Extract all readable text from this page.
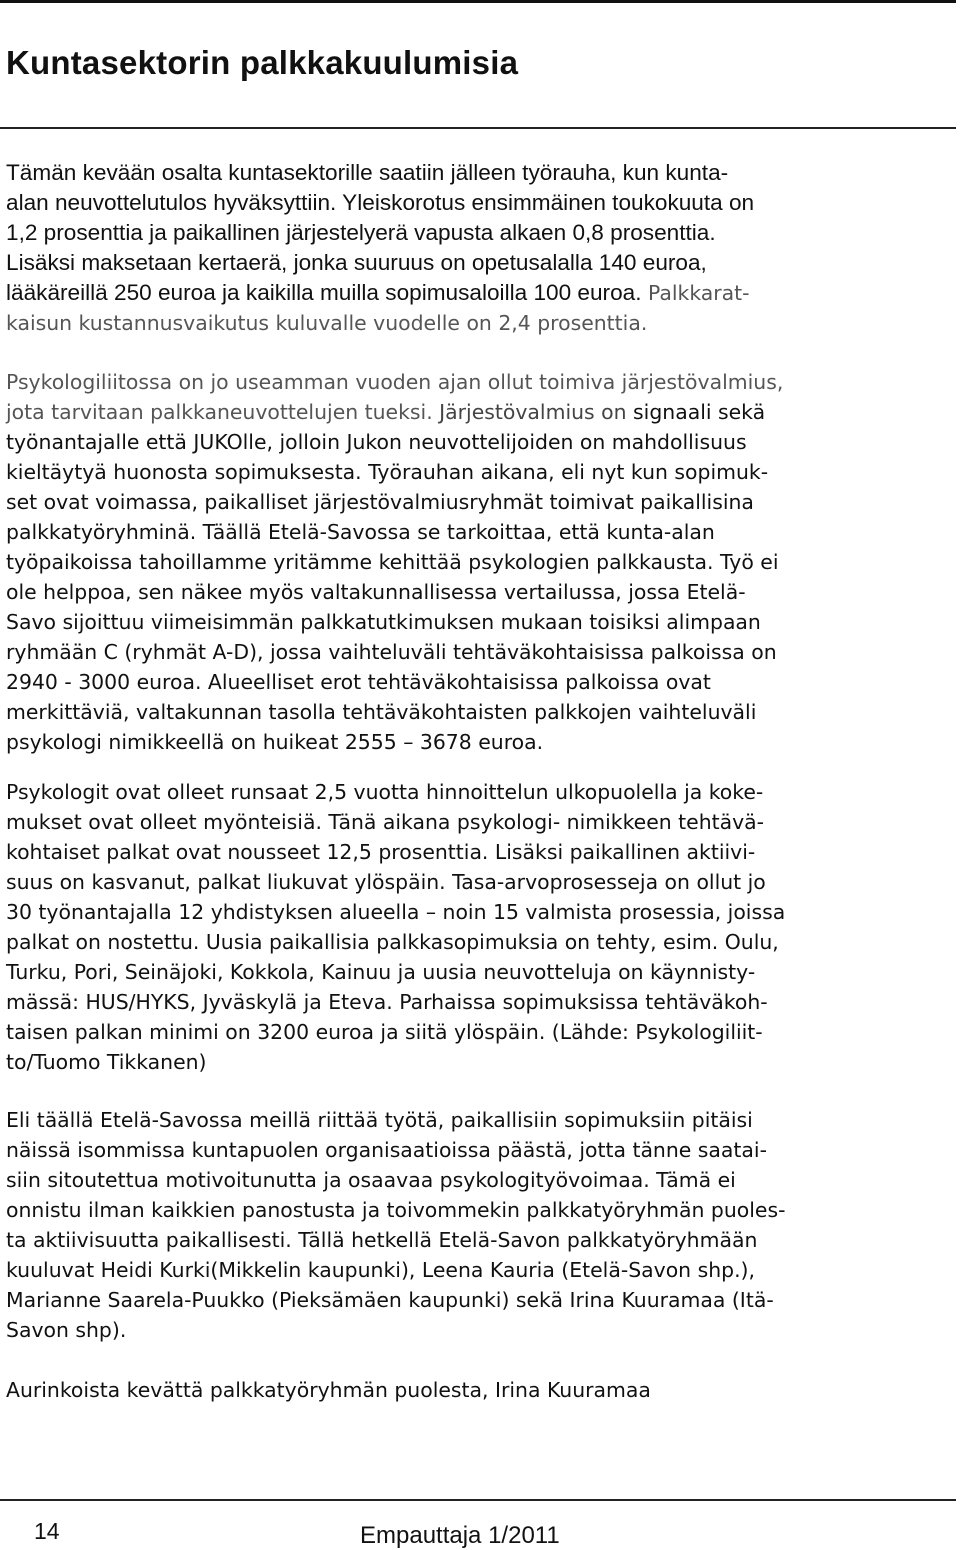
Kuntasektorin palkkakuulumisia

Tämän kevään osalta kuntasektorille saatiin jälleen työrauha, kun kunta-
alan neuvottelutulos hyväksyttiin. Yleiskorotus ensimmäinen toukokuuta on
1,2 prosenttia ja paikallinen järjestelyerä vapusta alkaen 0,8 prosenttia.
Lisäksi maksetaan kertaerä, jonka suuruus on opetusalalla 140 euroa,
lääkäreillä 250 euroa ja kaikilla muilla sopimusaloilla 100 euroa. Palkkarat-
kaisun kustannusvaikutus kuluvalle vuodelle on 2,4 prosenttia.

Psykologiliitossa on jo useamman vuoden ajan ollut toimiva järjestövalmius,
jota tarvitaan palkkaneuvottelujen tueksi. Järjestövalmius on signaali sekä
työnantajalle että JUKOlle, jolloin Jukon neuvottelijoiden on mahdollisuus
kieltäytyä huonosta sopimuksesta. Työrauhan aikana, eli nyt kun sopimuk-
set ovat voimassa, paikalliset järjestövalmiusryhmät toimivat paikallisina
palkkatyöryhminä. Täällä Etelä-Savossa se tarkoittaa, että kunta-alan
työpaikoissa tahoillamme yritämme kehittää psykologien palkkausta. Työ ei
ole helppoa, sen näkee myös valtakunnallisessa vertailussa, jossa Etelä-
Savo sijoittuu viimeisimmän palkkatutkimuksen mukaan toisiksi alimpaan
ryhmään C (ryhmät A-D), jossa vaihteluväli tehtäväkohtaisissa palkoissa on
2940 - 3000 euroa. Alueelliset erot tehtäväkohtaisissa palkoissa ovat
merkittäviä, valtakunnan tasolla tehtäväkohtaisten palkkojen vaihteluväli
psykologi nimikkeellä on huikeat 2555 – 3678 euroa.

Psykologit ovat olleet runsaat 2,5 vuotta hinnoittelun ulkopuolella ja koke-
mukset ovat olleet myönteisiä. Tänä aikana psykologi- nimikkeen tehtävä-
kohtaiset palkat ovat nousseet 12,5 prosenttia. Lisäksi paikallinen aktiivi-
suus on kasvanut, palkat liukuvat ylöspäin. Tasa-arvoprosesseja on ollut jo
30 työnantajalla 12 yhdistyksen alueella – noin 15 valmista prosessia, joissa
palkat on nostettu. Uusia paikallisia palkkasopimuksia on tehty, esim. Oulu,
Turku, Pori, Seinäjoki, Kokkola, Kainuu ja uusia neuvotteluja on käynnisty-
mässä: HUS/HYKS, Jyväskylä ja Eteva. Parhaissa sopimuksissa tehtäväkoh-
taisen palkan minimi on 3200 euroa ja siitä ylöspäin. (Lähde: Psykologiliit-
to/Tuomo Tikkanen)

Eli täällä Etelä-Savossa meillä riittää työtä, paikallisiin sopimuksiin pitäisi
näissä isommissa kuntapuolen organisaatioissa päästä, jotta tänne saatai-
siin sitoutettua motivoitunutta ja osaavaa psykologityövoimaa. Tämä ei
onnistu ilman kaikkien panostusta ja toivommekin palkkatyöryhmän puoles-
ta aktiivisuutta paikallisesti. Tällä hetkellä Etelä-Savon palkkatyöryhmään
kuuluvat Heidi Kurki(Mikkelin kaupunki), Leena Kauria (Etelä-Savon shp.),
Marianne Saarela-Puukko (Pieksämäen kaupunki) sekä Irina Kuuramaa (Itä-
Savon shp).

Aurinkoista kevättä palkkatyöryhmän puolesta, Irina Kuuramaa

14	Empauttaja 1/2011
